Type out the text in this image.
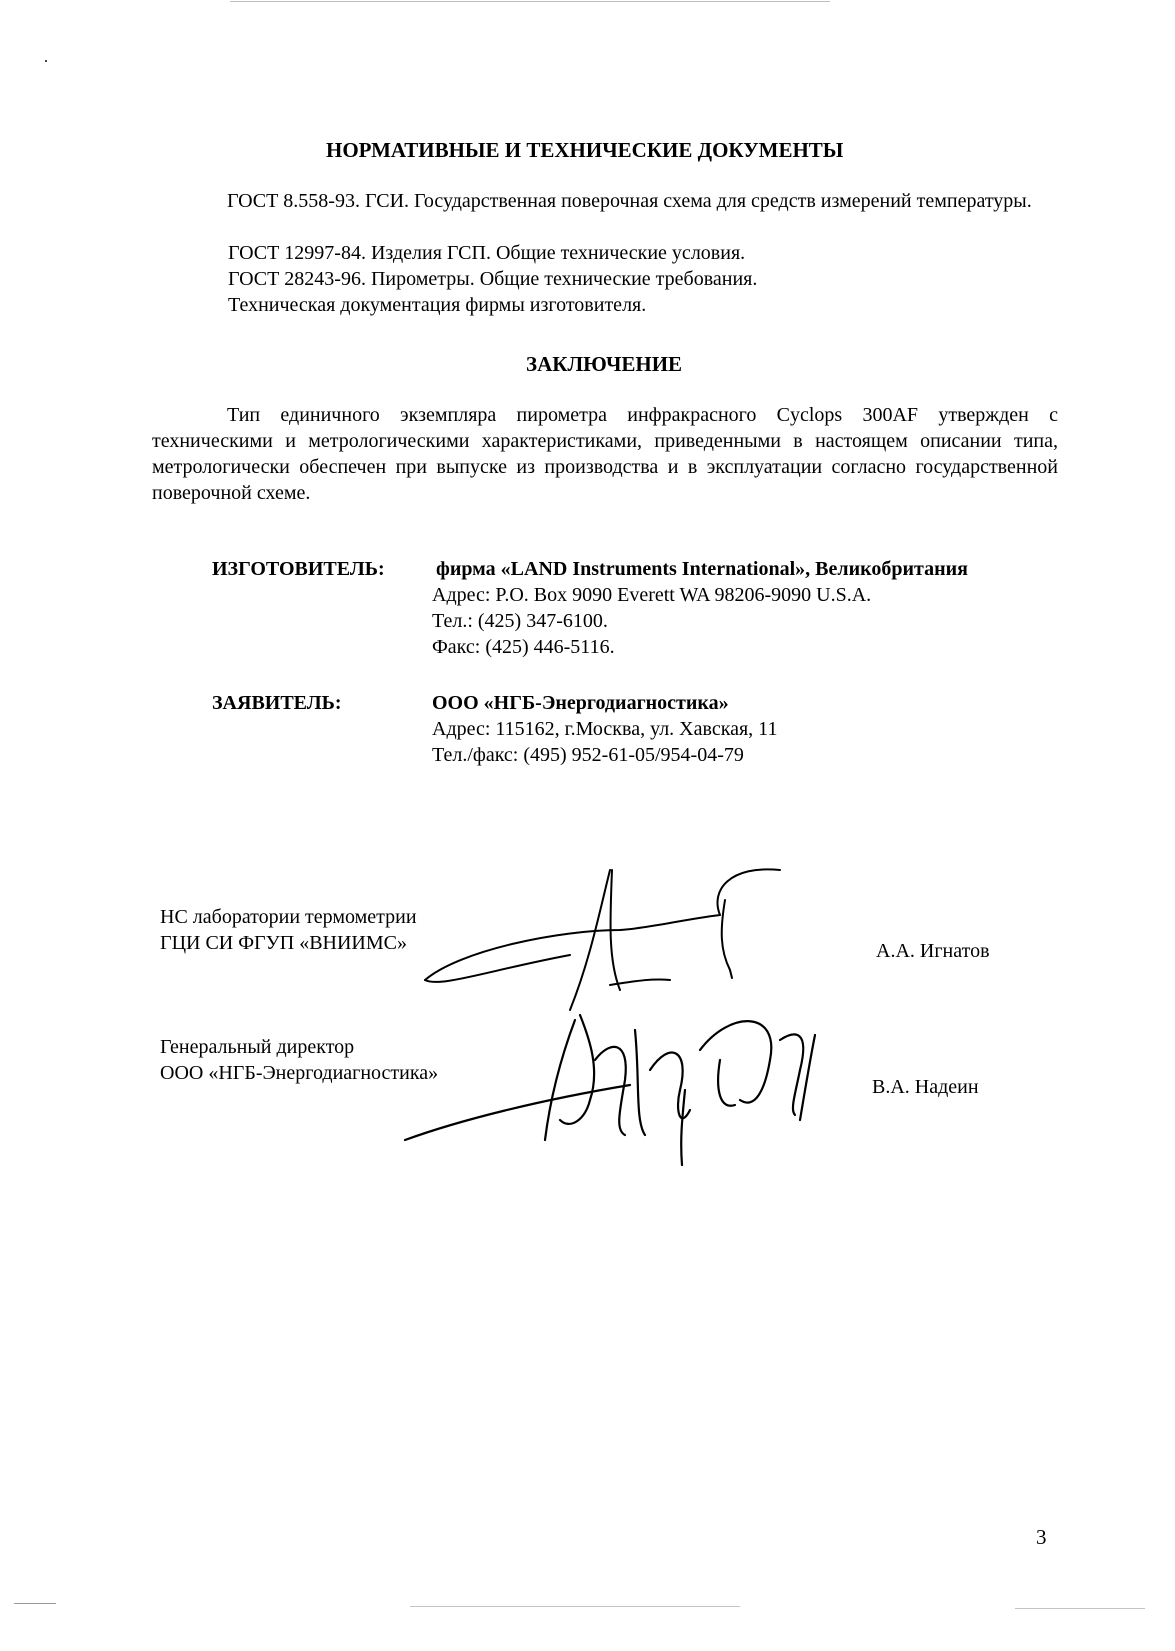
НОРМАТИВНЫЕ И ТЕХНИЧЕСКИЕ ДОКУМЕНТЫ
ГОСТ 8.558-93. ГСИ. Государственная поверочная схема для средств измерений температуры.
ГОСТ 12997-84. Изделия ГСП. Общие технические условия.
ГОСТ 28243-96. Пирометры. Общие технические требования.
Техническая документация фирмы изготовителя.
ЗАКЛЮЧЕНИЕ
Тип единичного экземпляра пирометра инфракрасного Cyclops 300AF утвержден с техническими и метрологическими характеристиками, приведенными в настоящем описании типа, метрологически обеспечен при выпуске из производства и в эксплуатации согласно государственной поверочной схеме.
ИЗГОТОВИТЕЛЬ:	фирма «LAND Instruments International», Великобритания
Адрес: P.O. Box 9090 Everett WA 98206-9090 U.S.A.
Тел.: (425) 347-6100.
Факс: (425) 446-5116.
ЗАЯВИТЕЛЬ:	ООО «НГБ-Энергодиагностика»
Адрес: 115162, г.Москва, ул. Хавская, 11
Тел./факс: (495) 952-61-05/954-04-79
НС лаборатории термометрии
ГЦИ СИ ФГУП «ВНИИМС»	А.А. Игнатов
Генеральный директор
ООО «НГБ-Энергодиагностика»
В.А. Надеин
3
